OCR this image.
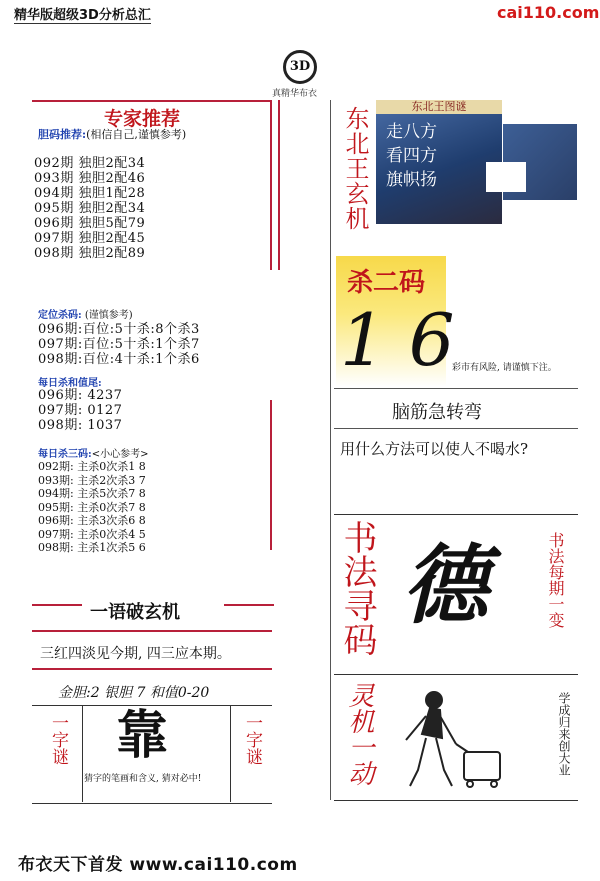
精华版超级3D分析总汇	cai110.com
3D
真精华布衣
专家推荐
胆码推荐:(相信自己,谨慎参考)
092期 独胆2配34
093期 独胆2配46
094期 独胆1配28
095期 独胆2配34
096期 独胆5配79
097期 独胆2配45
098期 独胆2配89
定位杀码: (谨慎参考)
096期:百位:5十杀:8个杀3
097期:百位:5十杀:1个杀7
098期:百位:4十杀:1个杀6
每日杀和值尾:
096期: 4237
097期: 0127
098期: 1037
每日杀三码:<小心参考>
092期: 主杀0次杀1 8
093期: 主杀2次杀3 7
094期: 主杀5次杀7 8
095期: 主杀0次杀7 8
096期: 主杀3次杀6 8
097期: 主杀0次杀4 5
098期: 主杀1次杀5 6
一语破玄机
三红四淡见今期, 四三应本期。
金胆:2 银胆 7 和值0-20
一字谜	一字谜
靠
猜字的笔画和含义, 猜对必中!
东北王玄机	东北王图谜
走八方
看四方
旗帜扬
杀二码
1 6
彩市有风险, 请谨慎下注。
脑筋急转弯
用什么方法可以使人不喝水?
书法寻码 德	书法每期一变
灵机一动	学成归来创大业
布衣天下首发 www.cai110.com
